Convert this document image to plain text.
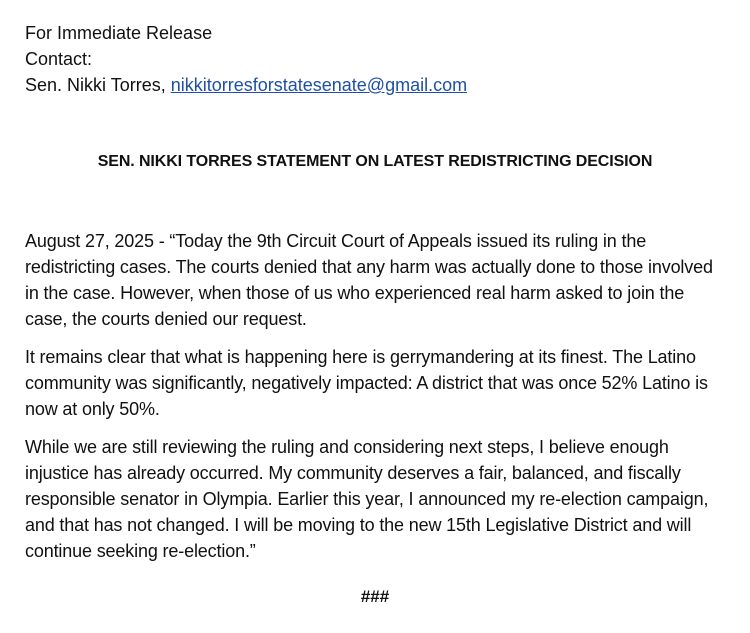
For Immediate Release

Contact:

Sen. Nikki Torres, nikkitorresforstatesenate@gmail.com

SEN. NIKKI TORRES STATEMENT ON LATEST REDISTRICTING DECISION

August 27, 2025 - “Today the 9th Circuit Court of Appeals issued its ruling in the redistricting cases. The courts denied that any harm was actually done to those involved in the case. However, when those of us who experienced real harm asked to join the case, the courts denied our request.

It remains clear that what is happening here is gerrymandering at its finest. The Latino community was significantly, negatively impacted: A district that was once 52% Latino is now at only 50%.

While we are still reviewing the ruling and considering next steps, I believe enough injustice has already occurred. My community deserves a fair, balanced, and fiscally responsible senator in Olympia. Earlier this year, I announced my re-election campaign, and that has not changed. I will be moving to the new 15th Legislative District and will continue seeking re-election.”

###
